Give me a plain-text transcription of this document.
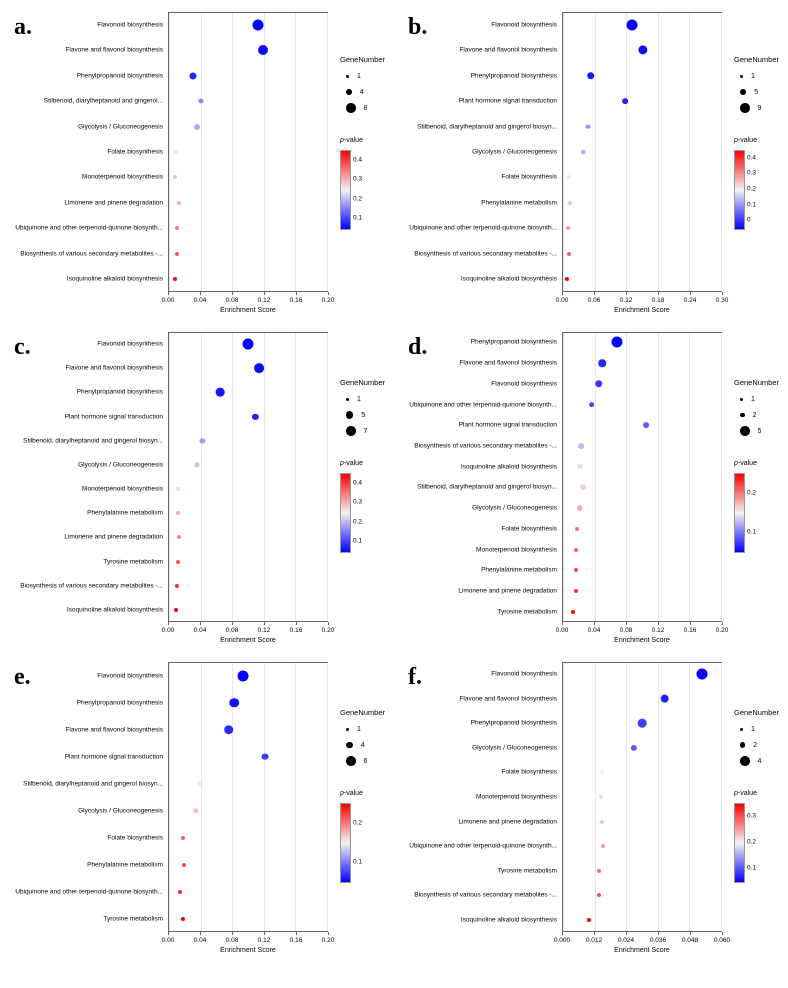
a.
0.00	0.04	0.08	0.12	0.16	0.20
Enrichment Score
Flavonoid biosynthesis
Flavone and flavonol biosynthesis
Phenylpropanoid biosynthesis
Stilbenoid, diarylheptanoid and gingerol...
Glycolysis / Gluconeogenesis
Folate biosynthesis
Monoterpenoid biosynthesis
Limonene and pinene degradation
Ubiquinone and other terpenoid-quinone biosynth...
Biosynthesis of various secondary metabolites -...
Isoquinoline alkaloid biosynthesis
GeneNumber
1
4
8
p-value
0.4
0.3
0.2
0.1
b.
0.00	0.06	0.12	0.18	0.24	0.30
Enrichment Score
Flavonoid biosynthesis
Flavone and flavonol biosynthesis
Phenylpropanoid biosynthesis
Plant hormone signal transduction
Stilbenoid, diarylheptanoid and gingerol biosyn...
Glycolysis / Gluconeogenesis
Folate biosynthesis
Phenylalanine metabolism
Ubiquinone and other terpenoid-quinone biosynth...
Biosynthesis of various secondary metabolites -...
Isoquinoline alkaloid biosynthesis
GeneNumber
1
5
9
p-value
0.4
0.3
0.2
0.1
0
c.
0.00	0.04	0.08	0.12	0.16	0.20
Enrichment Score
Flavonoid biosynthesis
Flavone and flavonol biosynthesis
Phenylpropanoid biosynthesis
Plant hormone signal transduction
Stilbenoid, diarylheptanoid and gingerol biosyn...
Glycolysis / Gluconeogenesis
Monoterpenoid biosynthesis
Phenylalanine metabolism
Limonene and pinene degradation
Tyrosine metabolism
Biosynthesis of various secondary metabolites -...
Isoquinoline alkaloid biosynthesis
GeneNumber
1
5
7
p-value
0.4
0.3
0.2
0.1
d.
0.00	0.04	0.08	0.12	0.16	0.20
Enrichment Score
Phenylpropanoid biosynthesis
Flavone and flavonol biosynthesis
Flavonoid biosynthesis
Ubiquinone and other terpenoid-quinone biosynth...
Plant hormone signal transduction
Biosynthesis of various secondary metabolites -...
Isoquinoline alkaloid biosynthesis
Stilbenoid, diarylheptanoid and gingerol biosyn...
Glycolysis / Gluconeogenesis
Folate biosynthesis
Monoterpenoid biosynthesis
Phenylalanine metabolism
Limonene and pinene degradation
Tyrosine metabolism
GeneNumber
1
2
5
p-value
0.2
0.1
e.
0.00	0.04	0.08	0.12	0.16	0.20
Enrichment Score
Flavonoid biosynthesis
Phenylpropanoid biosynthesis
Flavone and flavonol biosynthesis
Plant hormone signal transduction
Stilbenoid, diarylheptanoid and gingerol biosyn...
Glycolysis / Gluconeogenesis
Folate biosynthesis
Phenylalanine metabolism
Ubiquinone and other terpenoid-quinone biosynth...
Tyrosine metabolism
GeneNumber
1
4
6
p-value
0.2
0.1
f.
0.000 0.012 0.024 0.036 0.048 0.060
Enrichment Score
Flavonoid biosynthesis
Flavone and flavonol biosynthesis
Phenylpropanoid biosynthesis
Glycolysis / Gluconeogenesis
Folate biosynthesis
Monoterpenoid biosynthesis
Limonene and pinene degradation
Ubiquinone and other terpenoid-quinone biosynth...
Tyrosine metabolism
Biosynthesis of various secondary metabolites -...
Isoquinoline alkaloid biosynthesis
GeneNumber
1
2
4
p-value
0.3
0.2
0.1
